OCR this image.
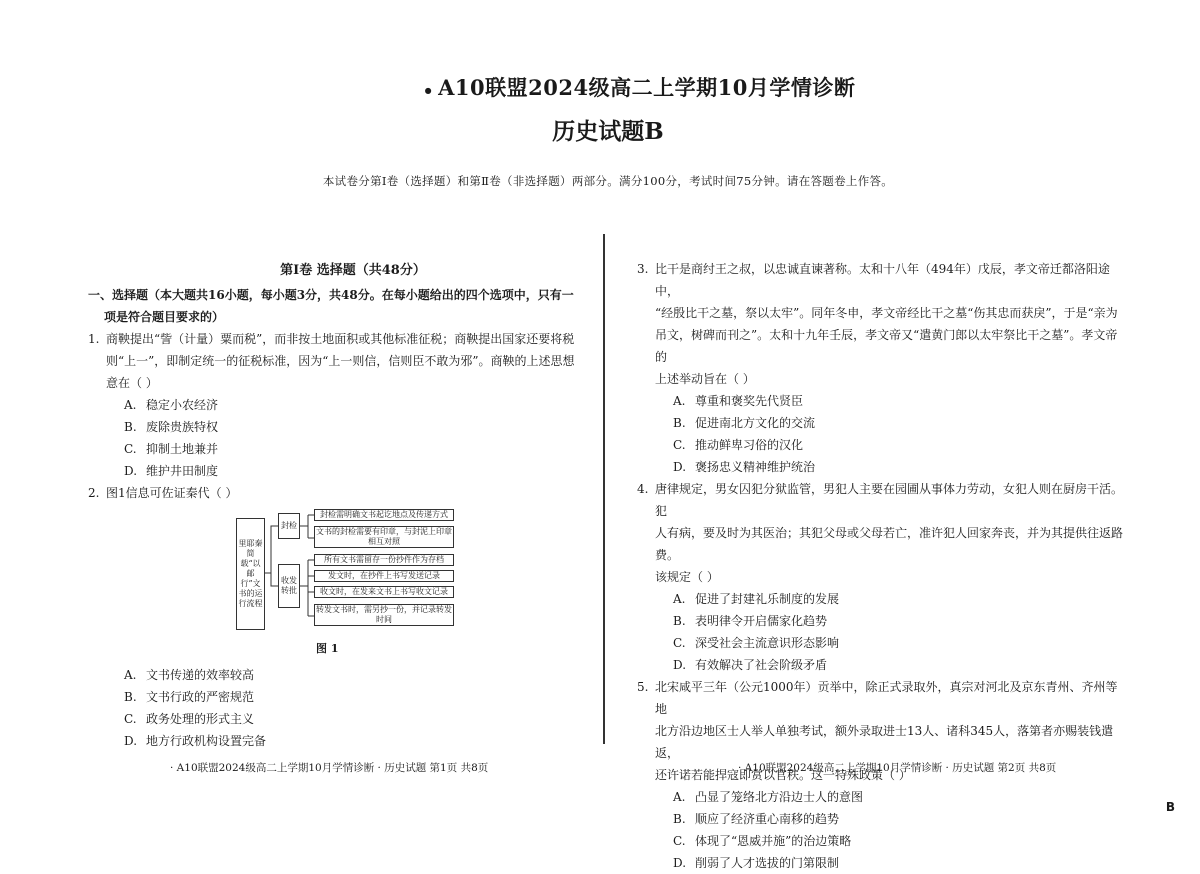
● A10联盟2024级高二上学期10月学情诊断
历史试题B
本试卷分第Ⅰ卷（选择题）和第Ⅱ卷（非选择题）两部分。满分100分，考试时间75分钟。请在答题卷上作答。
第Ⅰ卷 选择题（共48分）
一、选择题（本大题共16小题，每小题3分，共48分。在每小题给出的四个选项中，只有一
项是符合题目要求的）
1. 商鞅提出“訾（计量）粟而税”，而非按土地面积或其他标准征税；商鞅提出国家还要将税
则“上一”，即制定统一的征税标准，因为“上一则信，信则臣不敢为邪”。商鞅的上述思想
意在（ ）
A. 稳定小农经济
B. 废除贵族特权
C. 抑制土地兼并
D. 维护井田制度
2. 图1信息可佐证秦代（ ）
里耶秦简载“以邮行”文书的运行流程
封检
收发转批
封检需明确文书起讫地点及传递方式
文书的封检需要有印章，与封泥上印章相互对照
所有文书需留存一份抄件作为存档
发文时，在抄件上书写发送记录
收文时，在发来文书上书写收文记录
转发文书时，需另抄一份，并记录转发时间
图 1
A. 文书传递的效率较高
B. 文书行政的严密规范
C. 政务处理的形式主义
D. 地方行政机构设置完备
3. 比干是商纣王之叔，以忠诚直谏著称。太和十八年（494年）戊辰，孝文帝迁都洛阳途中，
“经殷比干之墓，祭以太牢”。同年冬申，孝文帝经比干之墓“伤其忠而获戾”，于是“亲为
吊文，树碑而刊之”。太和十九年壬辰，孝文帝又“遣黄门郎以太牢祭比干之墓”。孝文帝的
上述举动旨在（ ）
A. 尊重和褒奖先代贤臣
B. 促进南北方文化的交流
C. 推动鲜卑习俗的汉化
D. 褒扬忠义精神维护统治
4. 唐律规定，男女囚犯分狱监管，男犯人主要在园圃从事体力劳动，女犯人则在厨房干活。犯
人有病，要及时为其医治；其犯父母或父母若亡，准许犯人回家奔丧，并为其提供往返路费。
该规定（ ）
A. 促进了封建礼乐制度的发展
B. 表明律令开启儒家化趋势
C. 深受社会主流意识形态影响
D. 有效解决了社会阶级矛盾
5. 北宋咸平三年（公元1000年）贡举中，除正式录取外，真宗对河北及京东青州、齐州等地
北方沿边地区士人举人单独考试，额外录取进士13人、诸科345人，落第者亦赐装钱遣返，
还许诺若能捍寇即赏以官秩。这一特殊政策（ ）
A. 凸显了笼络北方沿边士人的意图
B. 顺应了经济重心南移的趋势
C. 体现了“恩威并施”的治边策略
D. 削弱了人才选拔的门第限制
· A10联盟2024级高二上学期10月学情诊断 · 历史试题 第1页 共8页	· A10联盟2024级高二上学期10月学情诊断 · 历史试题 第2页 共8页
B
